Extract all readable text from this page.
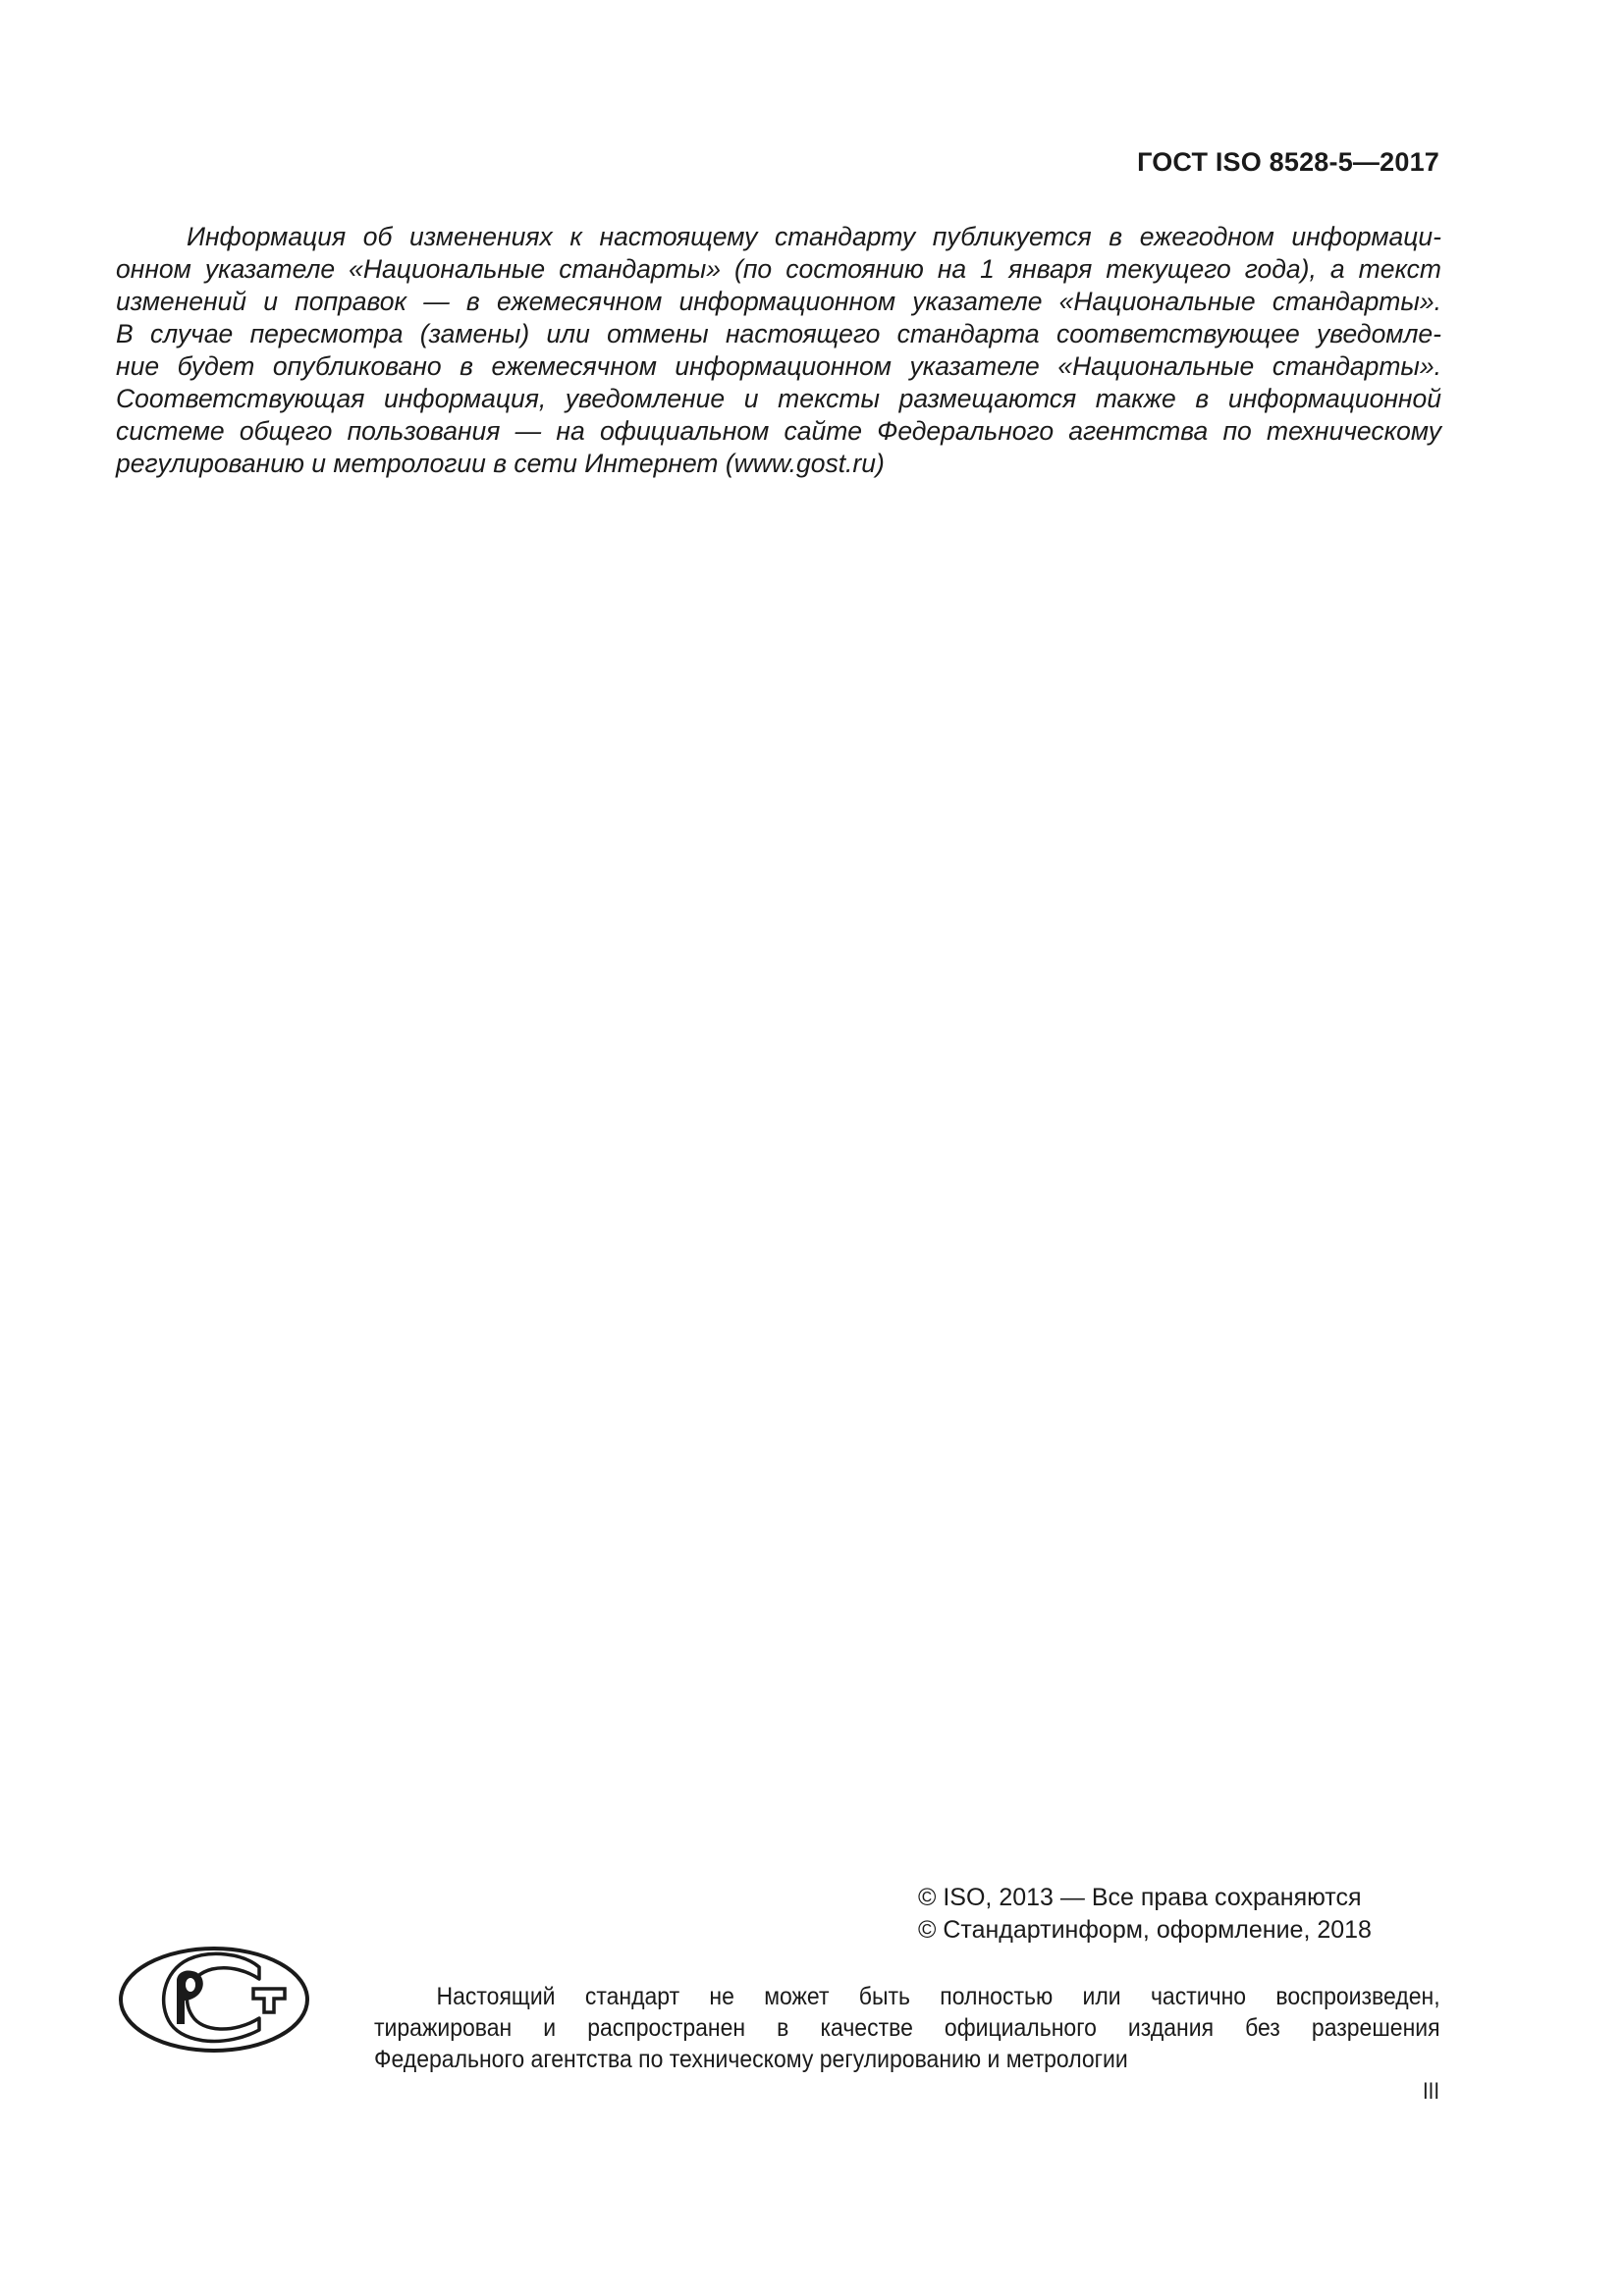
ГОСТ ISO 8528-5—2017
Информация об изменениях к настоящему стандарту публикуется в ежегодном информаци-
онном указателе «Национальные стандарты» (по состоянию на 1 января текущего года), а текст
изменений и поправок — в ежемесячном информационном указателе «Национальные стандарты».
В случае пересмотра (замены) или отмены настоящего стандарта соответствующее уведомле-
ние будет опубликовано в ежемесячном информационном указателе «Национальные стандарты».
Соответствующая информация, уведомление и тексты размещаются также в информационной
системе общего пользования — на официальном сайте Федерального агентства по техническому
регулированию и метрологии в сети Интернет (www.gost.ru)
© ISO, 2013 — Все права сохраняются
© Стандартинформ, оформление, 2018
Настоящий стандарт не может быть полностью или частично воспроизведен,
тиражирован и распространен в качестве официального издания без разрешения
Федерального агентства по техническому регулированию и метрологии
III
